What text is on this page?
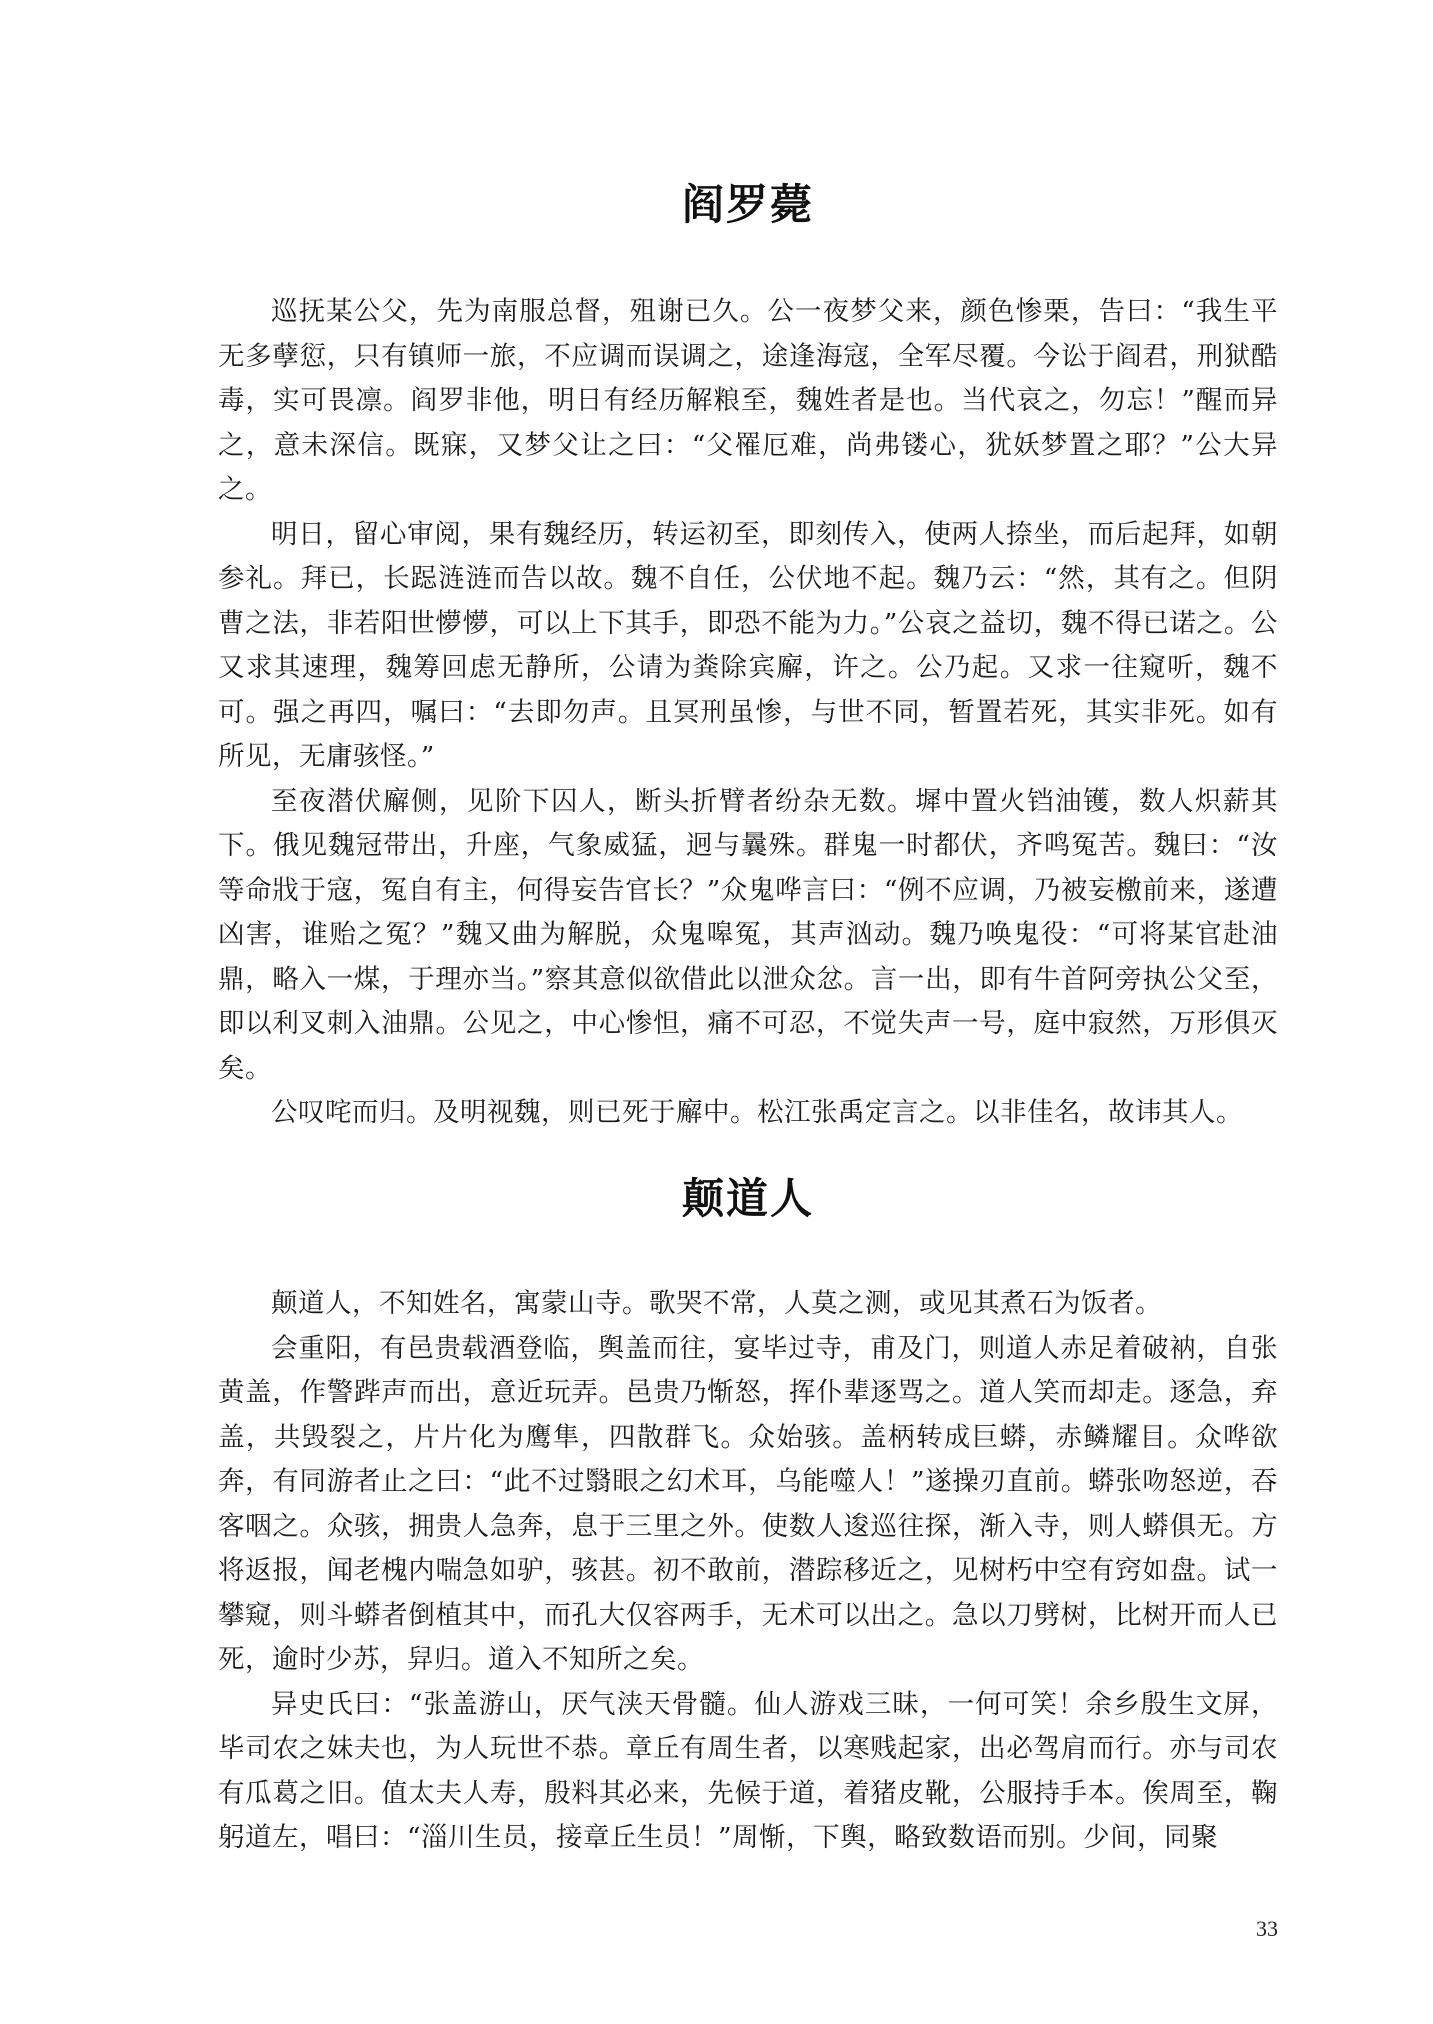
阎罗薨

巡抚某公父，先为南服总督，殂谢已久。公一夜梦父来，颜色惨栗，告曰：“我生平无多孽愆，只有镇师一旅，不应调而误调之，途逢海寇，全军尽覆。今讼于阎君，刑狱酷毒，实可畏凛。阎罗非他，明日有经历解粮至，魏姓者是也。当代哀之，勿忘！”醒而异之，意未深信。既寐，又梦父让之曰：“父罹厄难，尚弗镂心，犹妖梦置之耶？”公大异之。

明日，留心审阅，果有魏经历，转运初至，即刻传入，使两人捺坐，而后起拜，如朝参礼。拜已，长跽涟涟而告以故。魏不自任，公伏地不起。魏乃云：“然，其有之。但阴曹之法，非若阳世懜懜，可以上下其手，即恐不能为力。”公哀之益切，魏不得已诺之。公又求其速理，魏筹回虑无静所，公请为粪除宾廨，许之。公乃起。又求一往窥听，魏不可。强之再四，嘱曰：“去即勿声。且冥刑虽惨，与世不同，暂置若死，其实非死。如有所见，无庸骇怪。”

至夜潜伏廨侧，见阶下囚人，断头折臂者纷杂无数。墀中置火铛油镬，数人炽薪其下。俄见魏冠带出，升座，气象威猛，迥与曩殊。群鬼一时都伏，齐鸣冤苦。魏曰：“汝等命戕于寇，冤自有主，何得妄告官长？”众鬼哗言曰：“例不应调，乃被妄檄前来，遂遭凶害，谁贻之冤？”魏又曲为解脱，众鬼嗥冤，其声汹动。魏乃唤鬼役：“可将某官赴油鼎，略入一煤，于理亦当。”察其意似欲借此以泄众忿。言一出，即有牛首阿旁执公父至，即以利叉刺入油鼎。公见之，中心惨怛，痛不可忍，不觉失声一号，庭中寂然，万形俱灭矣。

公叹咤而归。及明视魏，则已死于廨中。松江张禹定言之。以非佳名，故讳其人。

颠道人

颠道人，不知姓名，寓蒙山寺。歌哭不常，人莫之测，或见其煮石为饭者。

会重阳，有邑贵载酒登临，舆盖而往，宴毕过寺，甫及门，则道人赤足着破衲，自张黄盖，作警跸声而出，意近玩弄。邑贵乃惭怒，挥仆辈逐骂之。道人笑而却走。逐急，弃盖，共毁裂之，片片化为鹰隼，四散群飞。众始骇。盖柄转成巨蟒，赤鳞耀目。众哗欲奔，有同游者止之曰：“此不过翳眼之幻术耳，乌能噬人！”遂操刃直前。蟒张吻怒逆，吞客咽之。众骇，拥贵人急奔，息于三里之外。使数人逡巡往探，渐入寺，则人蟒俱无。方将返报，闻老槐内喘急如驴，骇甚。初不敢前，潜踪移近之，见树朽中空有窍如盘。试一攀窥，则斗蟒者倒植其中，而孔大仅容两手，无术可以出之。急以刀劈树，比树开而人已死，逾时少苏，舁归。道入不知所之矣。

异史氏曰：“张盖游山，厌气浃天骨髓。仙人游戏三昧，一何可笑！余乡殷生文屏，毕司农之妹夫也，为人玩世不恭。章丘有周生者，以寒贱起家，出必驾肩而行。亦与司农有瓜葛之旧。值太夫人寿，殷料其必来，先候于道，着猪皮靴，公服持手本。俟周至，鞠躬道左，唱曰：“淄川生员，接章丘生员！”周惭，下舆，略致数语而别。少间，同聚

33
